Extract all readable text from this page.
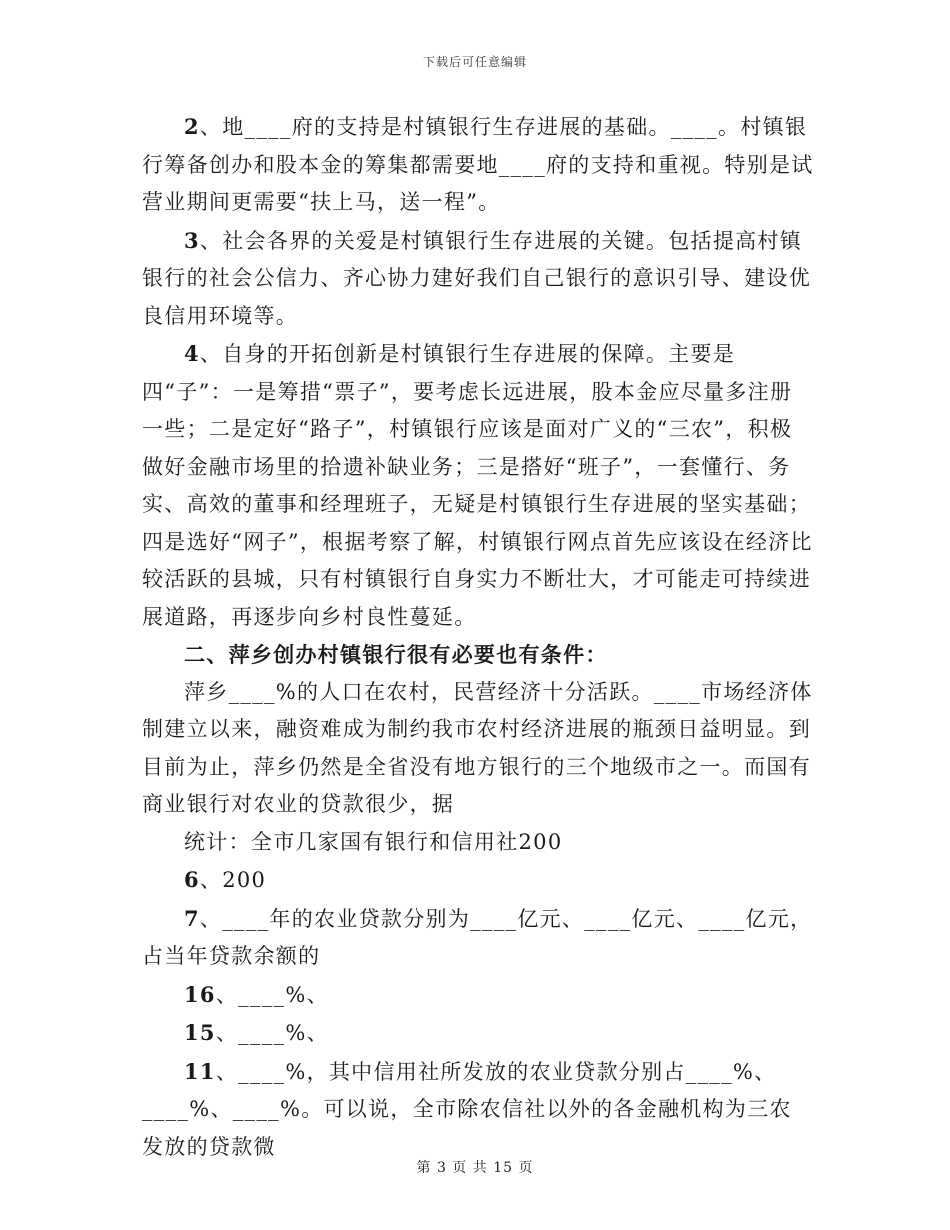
下载后可任意编辑

2、地____府的支持是村镇银行生存进展的基础。____。村镇银行筹备创办和股本金的筹集都需要地____府的支持和重视。特别是试营业期间更需要“扶上马，送一程”。

3、社会各界的关爱是村镇银行生存进展的关键。包括提高村镇银行的社会公信力、齐心协力建好我们自己银行的意识引导、建设优良信用环境等。

4、自身的开拓创新是村镇银行生存进展的保障。主要是四“子”：一是筹措“票子”，要考虑长远进展，股本金应尽量多注册一些；二是定好“路子”，村镇银行应该是面对广义的“三农”，积极做好金融市场里的拾遗补缺业务；三是搭好“班子”，一套懂行、务实、高效的董事和经理班子，无疑是村镇银行生存进展的坚实基础；四是选好“网子”，根据考察了解，村镇银行网点首先应该设在经济比较活跃的县城，只有村镇银行自身实力不断壮大，才可能走可持续进展道路，再逐步向乡村良性蔓延。

二、萍乡创办村镇银行很有必要也有条件：

萍乡____%的人口在农村，民营经济十分活跃。____市场经济体制建立以来，融资难成为制约我市农村经济进展的瓶颈日益明显。到目前为止，萍乡仍然是全省没有地方银行的三个地级市之一。而国有商业银行对农业的贷款很少，据

统计：全市几家国有银行和信用社200

6、200

7、____年的农业贷款分别为____亿元、____亿元、____亿元，占当年贷款余额的

16、____%、

15、____%、

11、____%，其中信用社所发放的农业贷款分别占____%、____%、____%。可以说，全市除农信社以外的各金融机构为三农发放的贷款微

第 3 页 共 15 页
